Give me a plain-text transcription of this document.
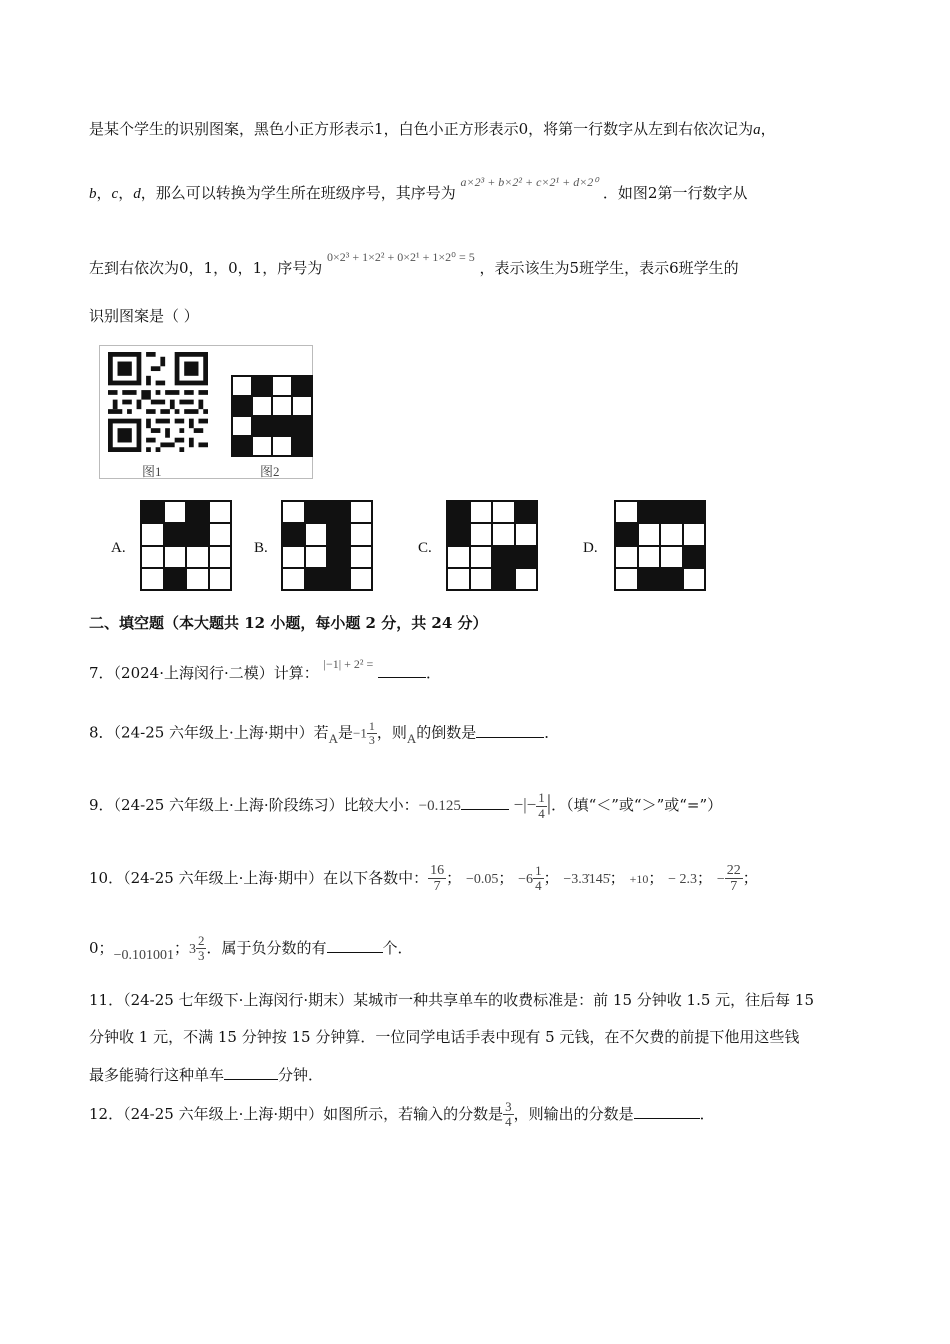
是某个学生的识别图案，黑色小正方形表示1，白色小正方形表示0，将第一行数字从左到右依次记为a，
b，c，d，那么可以转换为学生所在班级序号，其序号为 $^{a\times 2^3 + b\times 2^2 + c\times 2^1 + d\times 2^0}$ ．如图2第一行数字从
左到右依次为0，1，0，1，序号为 $^{0\times 2^3 + 1\times 2^2 + 0\times 2^1 + 1\times 2^0 = 5}$ ，表示该生为5班学生，表示6班学生的
识别图案是（ ）
图1	图2
A.	B.	C.	D.
二、填空题（本大题共 12 小题，每小题 2 分，共 24 分）
7．（2024·上海闵行·二模）计算： $^{|-1| + 2^2 =}$	．
8．（24-25 六年级上·上海·期中）若A是$-1 \frac{1}{3}$ ，则A的倒数是	．
9．（24-25 六年级上·上海·阶段练习）比较大小：−0.125	−|− $\frac{1}{4}$ |．（填“＜”或“＞”或“=”）
10．（24-25 六年级上·上海·期中）在以下各数中： $\frac{16}{7}$ ； −0.05； $-6 \frac{1}{4}$ ； −3.3̇145̇； +10； − 2.3； − $\frac{22}{7}$ ；
0；−0.101001；$3 \frac{2}{3}$ ．属于负分数的有	个．
11．（24-25 七年级下·上海闵行·期末）某城市一种共享单车的收费标准是：前 15 分钟收 1.5 元，往后每 15
分钟收 1 元，不满 15 分钟按 15 分钟算．一位同学电话手表中现有 5 元钱，在不欠费的前提下他用这些钱
最多能骑行这种单车	分钟．
12．（24-25 六年级上·上海·期中）如图所示，若输入的分数是 $\frac{3}{4}$ ，则输出的分数是	．
